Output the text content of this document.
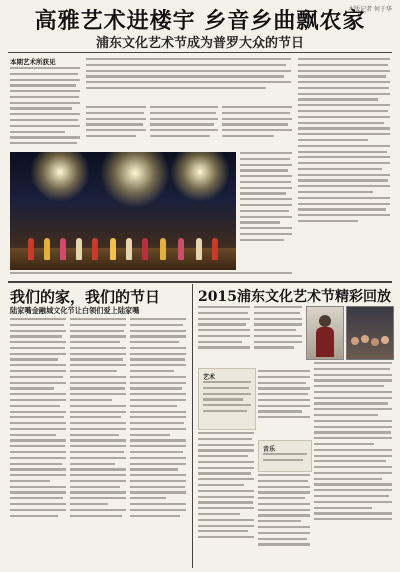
本版记者 何于华
高雅艺术进楼宇 乡音乡曲飘农家
浦东文化艺术节成为普罗大众的节日
本期艺术所获见
我们的家，我们的节日
陆家嘴金融城文化节让白领们爱上陆家嘴
2015浦东文化艺术节精彩回放
艺术
音乐
